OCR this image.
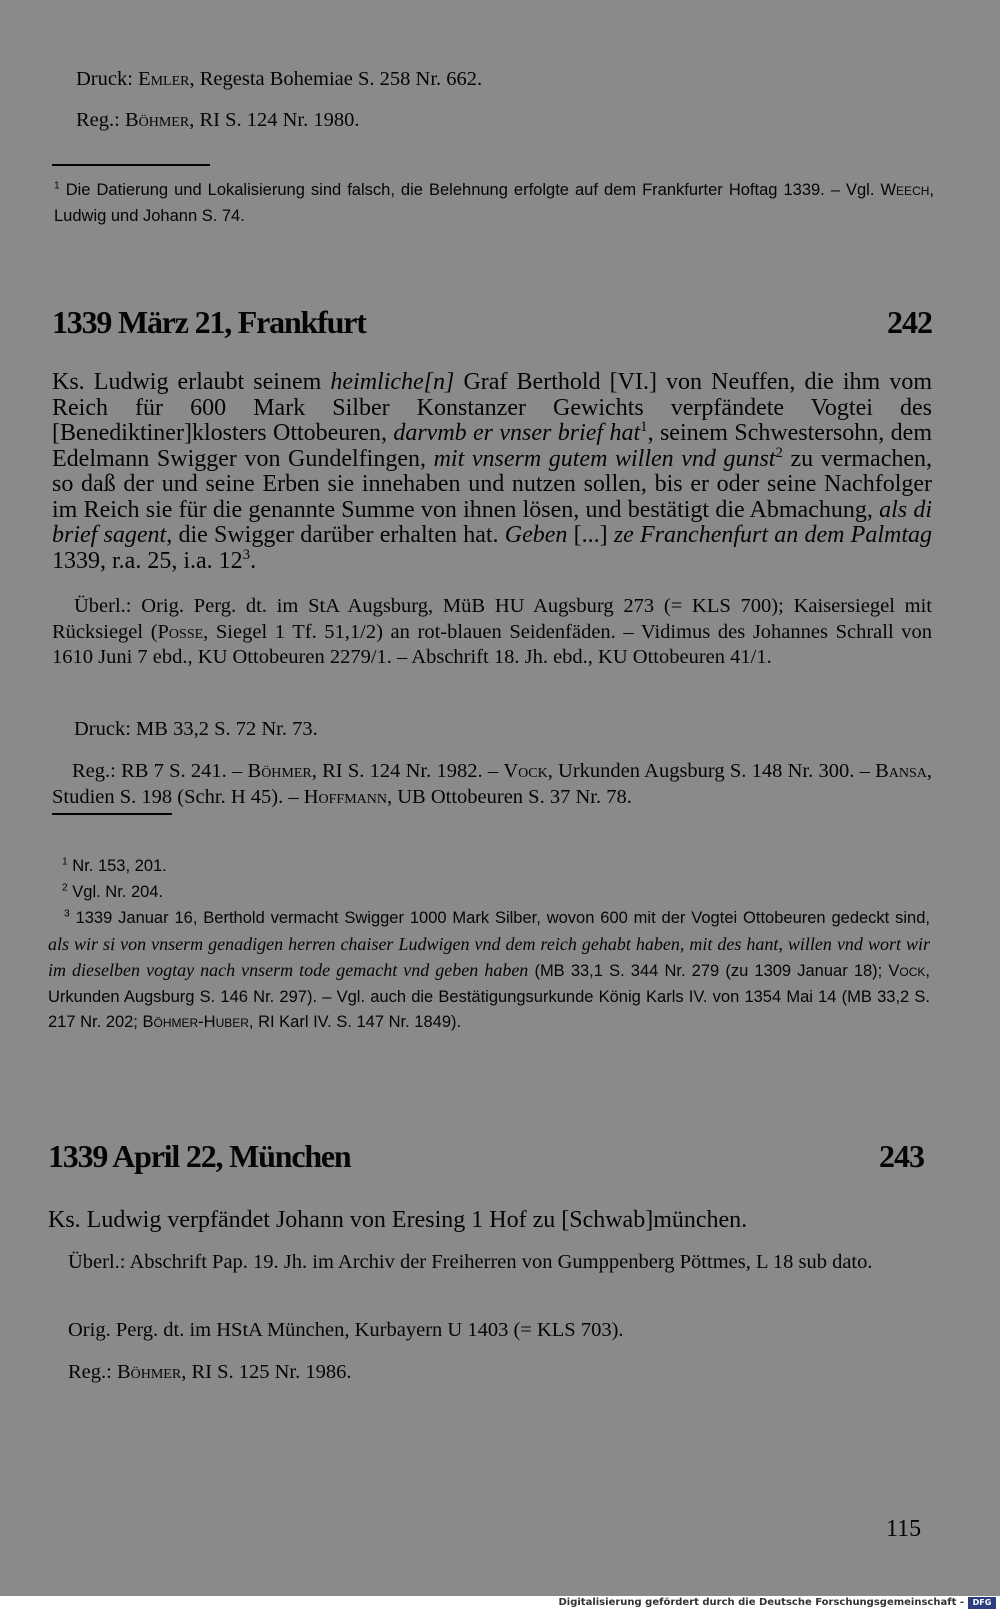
Druck: Emler, Regesta Bohemiae S. 258 Nr. 662.

Reg.: Böhmer, RI S. 124 Nr. 1980.

$^1$ Die Datierung und Lokalisierung sind falsch, die Belehnung erfolgte auf dem Frankfurter Hoftag 1339. – Vgl. Weech, Ludwig und Johann S. 74.

1339 März 21, Frankfurt	242

Ks. Ludwig erlaubt seinem heimliche[n] Graf Berthold [VI.] von Neuffen, die ihm vom Reich für 600 Mark Silber Konstanzer Gewichts verpfändete Vogtei des [Benediktiner]klosters Ottobeuren, darvmb er vnser brief hat$^1$, seinem Schwestersohn, dem Edelmann Swigger von Gundelfingen, mit vnserm gutem willen vnd gunst$^2$ zu vermachen, so daß der und seine Erben sie innehaben und nutzen sollen, bis er oder seine Nachfolger im Reich sie für die genannte Summe von ihnen lösen, und bestätigt die Abmachung, als di brief sagent, die Swigger darüber erhalten hat. Geben [...] ze Franchenfurt an dem Palmtag 1339, r.a. 25, i.a. $12^3$.

Überl.: Orig. Perg. dt. im StA Augsburg, MüB HU Augsburg 273 (= KLS 700); Kaisersiegel mit Rücksiegel (Posse, Siegel 1 Tf. 51,1/2) an rot-blauen Seidenfäden. – Vidimus des Johannes Schrall von 1610 Juni 7 ebd., KU Ottobeuren 2279/1. – Abschrift 18. Jh. ebd., KU Ottobeuren 41/1.

Druck: MB 33,2 S. 72 Nr. 73.

Reg.: RB 7 S. 241. – Böhmer, RI S. 124 Nr. 1982. – Vock, Urkunden Augsburg S. 148 Nr. 300. – Bansa, Studien S. 198 (Schr. H 45). – Hoffmann, UB Ottobeuren S. 37 Nr. 78.

$^1$ Nr. 153, 201.

$^2$ Vgl. Nr. 204.

$^3$ 1339 Januar 16, Berthold vermacht Swigger 1000 Mark Silber, wovon 600 mit der Vogtei Ottobeuren gedeckt sind, als wir si von vnserm genadigen herren chaiser Ludwigen vnd dem reich gehabt haben, mit des hant, willen vnd wort wir im dieselben vogtay nach vnserm tode gemacht vnd geben haben (MB 33,1 S. 344 Nr. 279 (zu 1309 Januar 18); Vock, Urkunden Augsburg S. 146 Nr. 297). – Vgl. auch die Bestätigungsurkunde König Karls IV. von 1354 Mai 14 (MB 33,2 S. 217 Nr. 202; Böhmer-Huber, RI Karl IV. S. 147 Nr. 1849).

1339 April 22, München	243

Ks. Ludwig verpfändet Johann von Eresing 1 Hof zu [Schwab]münchen.

Überl.: Abschrift Pap. 19. Jh. im Archiv der Freiherren von Gumppenberg Pöttmes, L 18 sub dato.

Orig. Perg. dt. im HStA München, Kurbayern U 1403 (= KLS 703).

Reg.: Böhmer, RI S. 125 Nr. 1986.

115
Digitalisierung gefördert durch die Deutsche Forschungsgemeinschaft -	DFG
